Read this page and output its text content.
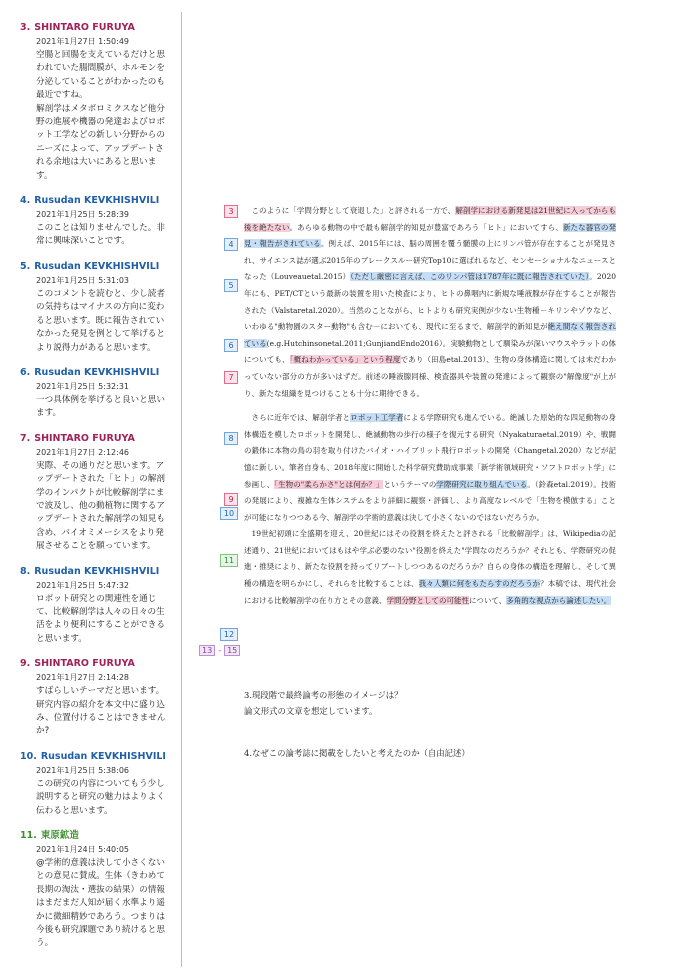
3. SHINTARO FURUYA
2021年1月27日 1:50:49
空腸と回腸を支えているだけと思われていた腸間膜が、ホルモンを分泌していることがわかったのも最近ですね。
解剖学はメタボロミクスなど他分野の進展や機器の発達およびロボット工学などの新しい分野からのニーズによって、アップデートされる余地は大いにあると思います。
4. Rusudan KEVKHISHVILI
2021年1月25日 5:28:39
このことは知りませんでした。非常に興味深いことです。
5. Rusudan KEVKHISHVILI
2021年1月25日 5:31:03
このコメントを読むと、少し読者の気持ちはマイナスの方向に変わると思います。既に報告されていなかった発見を例として挙げるとより説得力があると思います。
6. Rusudan KEVKHISHVILI
2021年1月25日 5:32:31
一つ具体例を挙げると良いと思います。
7. SHINTARO FURUYA
2021年1月27日 2:12:46
実際、その通りだと思います。アップデートされた「ヒト」の解剖学のインパクトが比較解剖学にまで波及し、他の動植物に関するアップデートされた解剖学の知見も含め、バイオミメーシスをより発展させることを願っています。
8. Rusudan KEVKHISHVILI
2021年1月25日 5:47:32
ロボット研究との関連性を通じて、比較解剖学は人々の日々の生活をより便利にすることができると思います。
9. SHINTARO FURUYA
2021年1月27日 2:14:28
すばらしいテーマだと思います。研究内容の紹介を本文中に盛り込み、位置付けることはできませんか?
10. Rusudan KEVKHISHVILI
2021年1月25日 5:38:06
この研究の内容についてもう少し説明すると研究の魅力はよりよく伝わると思います。
11. 東原鉱造
2021年1月24日 5:40:05
@学術的意義は決して小さくないとの意見に賛成。生体（きわめて長期の淘汰・選抜の結果）の情報はまだまだ人知が届く水準より遥かに微細精妙であろう。つまりは今後も研究課題であり続けると思う。
3
4
5
6
7
8
9
10
11
12
13 - 15

このように「学問分野として衰退した」と評される一方で、解剖学における新発見は21世紀に入ってからも後を絶たない。あらゆる動物の中で最も解剖学的知見が豊富であろう「ヒト」においてすら、新たな器官の発見・報告がされている。例えば、2015年には、脳の周囲を覆う髄膜の上にリンパ管が存在することが発見され、サイエンス誌が選ぶ2015年のブレークスルー研究Top10に選ばれるなど、センセーショナルなニュースとなった（Louveauetal.2015）（ただし厳密に言えば、このリンパ管は1787年に既に報告されていた）。2020年にも、PET/CTという最新の装置を用いた検査により、ヒトの鼻咽内に新規な唾液腺が存在することが報告された（Valstaretal.2020）。当然のことながら、ヒトよりも研究実例が少ない生物種－キリンやゾウなど、いわゆる"動物園のスター動物"も含む－においても、現代に至るまで、解剖学的新知見が絶え間なく報告されている(e.g.Hutchinsonetal.2011;GunjiandEndo2016）。実験動物として馴染みが深いマウスやラットの体についても、「概ねわかっている」という程度であり（田島etal.2013）、生物の身体構造に関しては未だわかっていない部分の方が多いはずだ。前述の睡液腺同様、検査器具や装置の発達によって観察の"解像度"が上がり、新たな組織を見つけることも十分に期待できる。

さらに近年では、解剖学者とロボット工学者による学際研究も進んでいる。絶滅した原始的な四足動物の身体構造を模したロボットを開発し、絶滅動物の歩行の様子を復元する研究（Nyakaturaetal.2019）や、戦闘の鍛体に本物の鳥の羽を取り付けたバイオ・ハイブリット飛行ロボットの開発（Changetal.2020）などが記憶に新しい。筆者自身も、2018年度に開始した科学研究費助成事業「新学術領域研究・ソフトロボット学」に参画し、「生物の"柔らかさ"とは何か？」というテーマの学際研究に取り組んでいる。（鈴森etal.2019）。技術の発展により、複雑な生体システムをより詳細に観察・評価し、より高度なレベルで「生物を模倣する」ことが可能になりつつある今、解剖学の学術的意義は決して小さくないのではないだろうか。

19世紀初頭に全盛期を迎え、20世紀にはその役割を終えたと評される「比較解剖学」は、Wikipediaの記述通り、21世紀においてはもはや学ぶ必要のない"役割を終えた"学問なのだろうか？それとも、学際研究の促進・推奨により、新たな役割を持ってリブートしつつあるのだろうか？自らの身体の構造を理解し、そして異種の構造を明らかにし、それらを比較することは、我々人類に何をもたらすのだろうか？本稿では、現代社会における比較解剖学の在り方とその意義、学問分野としての可能性について、多角的な視点から論述したい。

3.現段階で最終論考の形態のイメージは？
論文形式の文章を想定しています。
4.なぜこの論考誌に掲載をしたいと考えたのか（自由記述）
